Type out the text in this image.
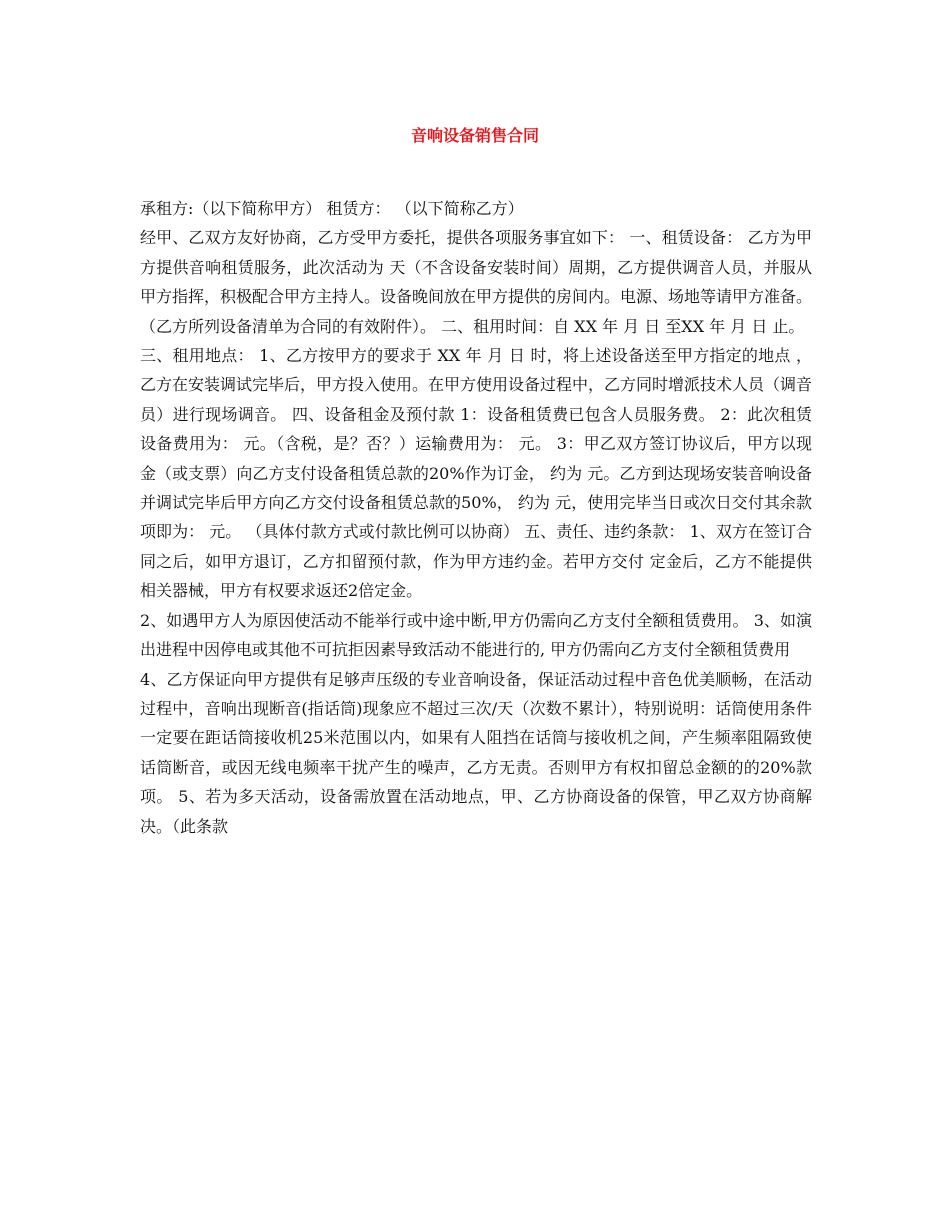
音响设备销售合同

承租方:（以下简称甲方） 租赁方： （以下简称乙方）

经甲、乙双方友好协商，乙方受甲方委托，提供各项服务事宜如下： 一、租赁设备： 乙方为甲方提供音响租赁服务，此次活动为 天（不含设备安装时间）周期，乙方提供调音人员，并服从甲方指挥，积极配合甲方主持人。设备晚间放在甲方提供的房间内。电源、场地等请甲方准备。 （乙方所列设备清单为合同的有效附件）。 二、租用时间：自 XX 年 月 日 至XX 年 月 日 止。

三、租用地点： 1、乙方按甲方的要求于 XX 年 月 日 时，将上述设备送至甲方指定的地点 ，乙方在安装调试完毕后，甲方投入使用。在甲方使用设备过程中，乙方同时增派技术人员（调音员）进行现场调音。 四、设备租金及预付款 1：设备租赁费已包含人员服务费。 2：此次租赁设备费用为： 元。（含税，是？否？）运输费用为： 元。 3：甲乙双方签订协议后，甲方以现金（或支票）向乙方支付设备租赁总款的20%作为订金， 约为 元。乙方到达现场安装音响设备并调试完毕后甲方向乙方交付设备租赁总款的50%， 约为 元，使用完毕当日或次日交付其余款项即为： 元。 （具体付款方式或付款比例可以协商） 五、责任、违约条款： 1、双方在签订合同之后，如甲方退订，乙方扣留预付款，作为甲方违约金。若甲方交付 定金后，乙方不能提供相关器械，甲方有权要求返还2倍定金。

2、如遇甲方人为原因使活动不能举行或中途中断,甲方仍需向乙方支付全额租赁费用。 3、如演出进程中因停电或其他不可抗拒因素导致活动不能进行的, 甲方仍需向乙方支付全额租赁费用

4、乙方保证向甲方提供有足够声压级的专业音响设备，保证活动过程中音色优美顺畅，在活动 过程中，音响出现断音(指话筒)现象应不超过三次/天（次数不累计），特别说明：话筒使用条件一定要在距话筒接收机25米范围以内，如果有人阻挡在话筒与接收机之间，产生频率阻隔致使话筒断音，或因无线电频率干扰产生的噪声，乙方无责。否则甲方有权扣留总金额的的20%款项。 5、若为多天活动，设备需放置在活动地点，甲、乙方协商设备的保管，甲乙双方协商解决。（此条款
